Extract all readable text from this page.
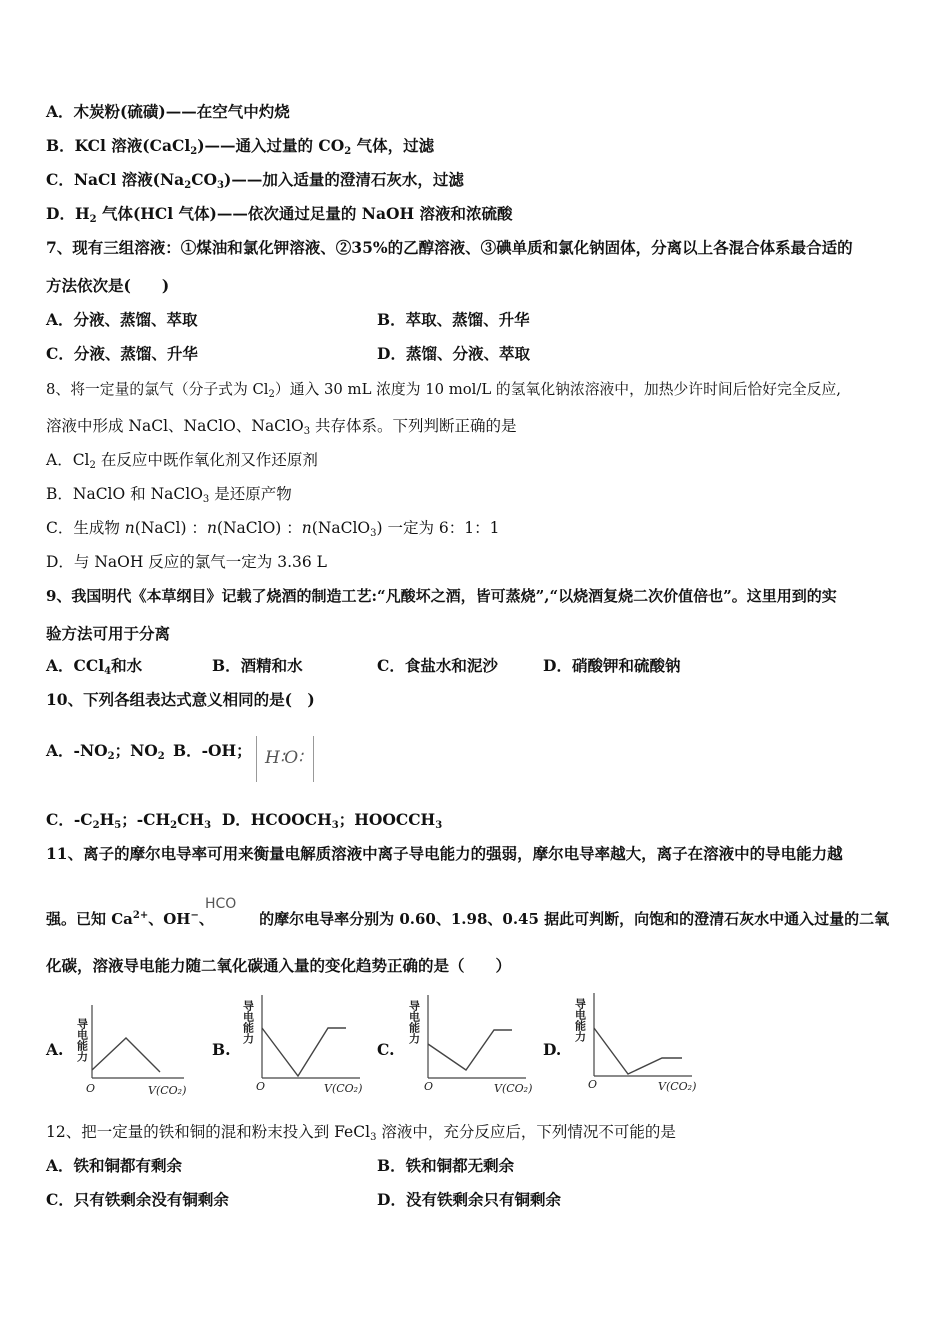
A．木炭粉(硫磺)——在空气中灼烧
B．KCl 溶液(CaCl$_2$)——通入过量的 $CO_2$ 气体，过滤
C．NaCl 溶液$(Na_2CO_3)——$加入适量的澄清石灰水，过滤
D．$H_2$ 气体(HCl 气体)——依次通过足量的 NaOH 溶液和浓硫酸
7、现有三组溶液：①煤油和氯化钾溶液、②35%的乙醇溶液、③碘单质和氯化钠固体，分离以上各混合体系最合适的
方法依次是(　　)
A．分液、蒸馏、萃取	B．萃取、蒸馏、升华
C．分液、蒸馏、升华	D．蒸馏、分液、萃取
8、将一定量的氯气（分子式为 $Cl_2$）通入 30 mL 浓度为 10 mol/L 的氢氧化钠浓溶液中，加热少许时间后恰好完全反应,
溶液中形成 NaCl、NaClO、NaClO$_3$ 共存体系。下列判断正确的是
A．$Cl_2$ 在反应中既作氧化剂又作还原剂
B．NaClO 和 NaClO$_3$ 是还原产物
C．生成物 n(NaCl) ：n(NaClO) ：n(NaClO$_3$) 一定为 6：1：1
D．与 NaOH 反应的氯气一定为 3.36 L
9、我国明代《本草纲目》记载了烧酒的制造工艺:“凡酸坏之酒，皆可蒸烧”,“以烧酒复烧二次价值倍也”。这里用到的实
验方法可用于分离
A．CCl$_4$和水	B．酒精和水	C．食盐水和泥沙	D．硝酸钾和硫酸钠
10、下列各组表达式意义相同的是(　)
A．$-NO_2$；$NO_2$ B．-OH； H∶O∶
C．$-C_2H_5$；$-CH_2CH_3$ D．$HCOOCH_3$；$HOOCCH_3$
11、离子的摩尔电导率可用来衡量电解质溶液中离子导电能力的强弱，摩尔电导率越大，离子在溶液中的导电能力越
HCO
强。已知 $Ca^{2+}$、OH−、	的摩尔电导率分别为 0.60、1.98、0.45 据此可判断，向饱和的澄清石灰水中通入过量的二氧
化碳，溶液导电能力随二氧化碳通入量的变化趋势正确的是（　　）
A. 导电能力
O	V(CO₂)
B.
导电能力
O	V(CO₂)
C.
导电能力
O	V(CO₂)
D.
导电能力
O	V(CO₂)
12、把一定量的铁和铜的混和粉末投入到 FeCl$_3$ 溶液中，充分反应后，下列情况不可能的是
A．铁和铜都有剩余	B．铁和铜都无剩余
C．只有铁剩余没有铜剩余	D．没有铁剩余只有铜剩余
